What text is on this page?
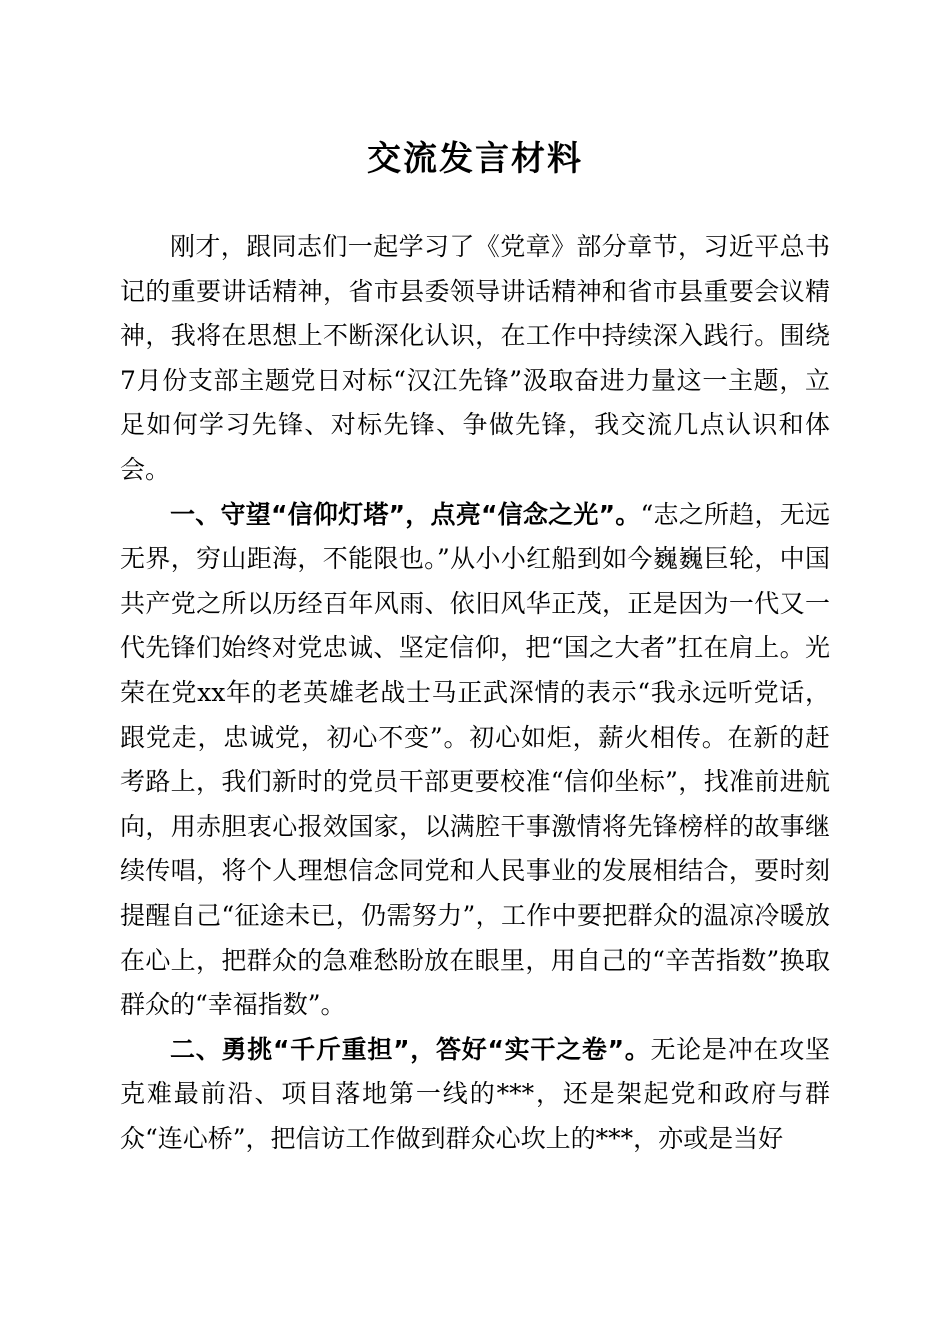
交流发言材料

刚才，跟同志们一起学习了《党章》部分章节，习近平总书记的重要讲话精神，省市县委领导讲话精神和省市县重要会议精神，我将在思想上不断深化认识，在工作中持续深入践行。围绕7月份支部主题党日对标“汉江先锋”汲取奋进力量这一主题，立足如何学习先锋、对标先锋、争做先锋，我交流几点认识和体会。

一、守望“信仰灯塔”，点亮“信念之光”。“志之所趋，无远无界，穷山距海，不能限也。”从小小红船到如今巍巍巨轮，中国共产党之所以历经百年风雨、依旧风华正茂，正是因为一代又一代先锋们始终对党忠诚、坚定信仰，把“国之大者”扛在肩上。光荣在党xx年的老英雄老战士马正武深情的表示“我永远听党话，跟党走，忠诚党，初心不变”。初心如炬，薪火相传。在新的赶考路上，我们新时的党员干部更要校准“信仰坐标”，找准前进航向，用赤胆衷心报效国家，以满腔干事激情将先锋榜样的故事继续传唱，将个人理想信念同党和人民事业的发展相结合，要时刻提醒自己“征途未已，仍需努力”，工作中要把群众的温凉冷暖放在心上，把群众的急难愁盼放在眼里，用自己的“辛苦指数”换取群众的“幸福指数”。

二、勇挑“千斤重担”，答好“实干之卷”。无论是冲在攻坚克难最前沿、项目落地第一线的***，还是架起党和政府与群众“连心桥”，把信访工作做到群众心坎上的***，亦或是当好
